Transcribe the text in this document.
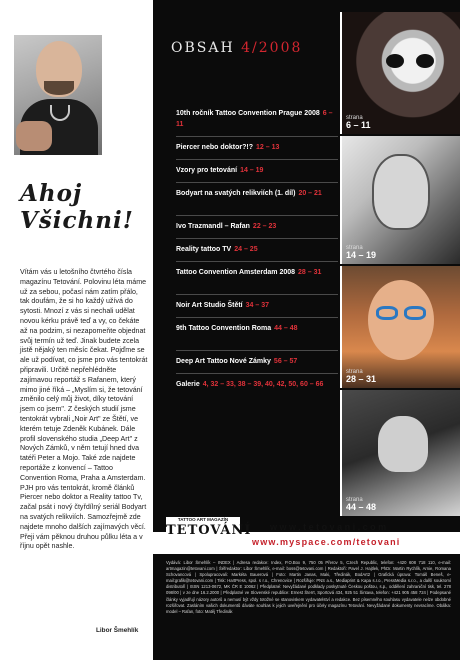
Ahoj
Všichni!

Vítám vás u letošního čtvrtého čísla magazínu Tetování. Polovinu léta máme už za sebou, počasí nám zatím přálo, tak doufám, že si ho každý užívá do sytosti. Mnozí z vás si nechali udělat novou kérku právě teď a vy, co čekáte až na podzim, si nezapomeňte objednat svůj termín už teď. Jinak budete zcela jistě nějaký ten měsíc čekat. Pojďme se ale už podívat, co jsme pro vás tentokrát připravili. Určitě nepřehlédněte zajímavou reportáž s Rafanem, který mimo jiné říká – „Myslím si, že tetování změnilo celý můj život, díky tetování jsem co jsem". Z českých studií jsme tentokrát vybrali „Noir Art" ze Štětí, ve kterém tetuje Zdeněk Kubánek. Dále profil slovenského studia „Deep Art" z Nových Zámků, v něm tetují hned dva tatéři Peter a Mojo. Také zde najdete reportáže z konvencí – Tattoo Convention Roma, Praha a Amsterdam. PJH pro vás tentokrát, kromě článků Piercer nebo doktor a Reality tattoo Tv, začal psát i nový čtyřdílný seriál Bodyart na svatých relikviích. Samozřejmě zde najdete mnoho dalších zajímavých věcí. Přeji vám pěknou druhou půlku léta a v říjnu opět nashle.

Libor Šmehlík
OBSAH 4/2008
10th ročník Tattoo Convention Prague 2008 6 – 11
Piercer nebo doktor?!? 12 – 13
Vzory pro tetování 14 – 19
Bodyart na svatých relikviích (1. díl) 20 – 21
Ivo Trazmandl – Rafan 22 – 23
Reality tattoo TV 24 – 25
Tattoo Convention Amsterdam 2008 28 – 31
Noir Art Studio Štětí 34 – 37
9th Tattoo Convention Roma 44 – 48
Deep Art Tattoo Nové Zámky 56 – 57
Galerie 4, 32 – 33, 38 – 39, 40, 42, 50, 60 – 66
strana
6 – 11
strana
14 – 19
strana
28 – 31
strana
44 – 48
TATTOO ART MAGAZÍN
TETOVÁNÍ www.tetovani.com
www.myspace.com/tetovani

Vydává: Libor Šmehlík – INDEX | Adresa redakce: Index, P.O.Box 9, 750 05 Přerov 5, Czech Republic, telefon: +420 608 718 110, e-mail: artmagazin@tetovani.com | Šéfredaktor: Libor Šmehlík, e-mail: boss@tetovani.com | Redaktoři: Pavel J. Hajtlek, PhDr. Martin Rychlík, Arnie, Romana Schovancová | Spolupracovali: Markéta Bauerová | Foto: Martin Janas, Maki, Tředinák, BodArt2 | Grafická úprava: Tomáš Beneš, e-mail:grafik@tetovani.com | Tisk: HartPress, spol. s r.o., Chrenovice | Rozšiřuje: PNS a.s., Mediaprint & Kapa s.r.o., PressMedia s.r.o., a další soukromí distributoři | ISSN 1213-0672, MK ČR E 10062 | Předplatné: Nevyžádané podklady poskytnuté Českou poštou, s.p., oddělení zahraniční tisk, tel. 278 098/00 | v ze dne 16.2.2000 | Předplatné ve Slovenské republice: Ernest Šterrt, Sportová 434, 925 51 Šintava, telefon: +421 905 458 724 | Podepsané články vyjadřují názory autorů a nemusí být vždy totožné se stanoviskem vydavatelství a redakce. Bez písemného souhlasu vydavatele nelze obdobné rozšiřovat. Zasláním vašich dokumentů dáváte souhlas k jejich uveřejnění pro účely magazínu Tetování. Nevyžádané dokumenty nevracíme. Obálka: model – Rafan, foto: Matěj Tředinák
